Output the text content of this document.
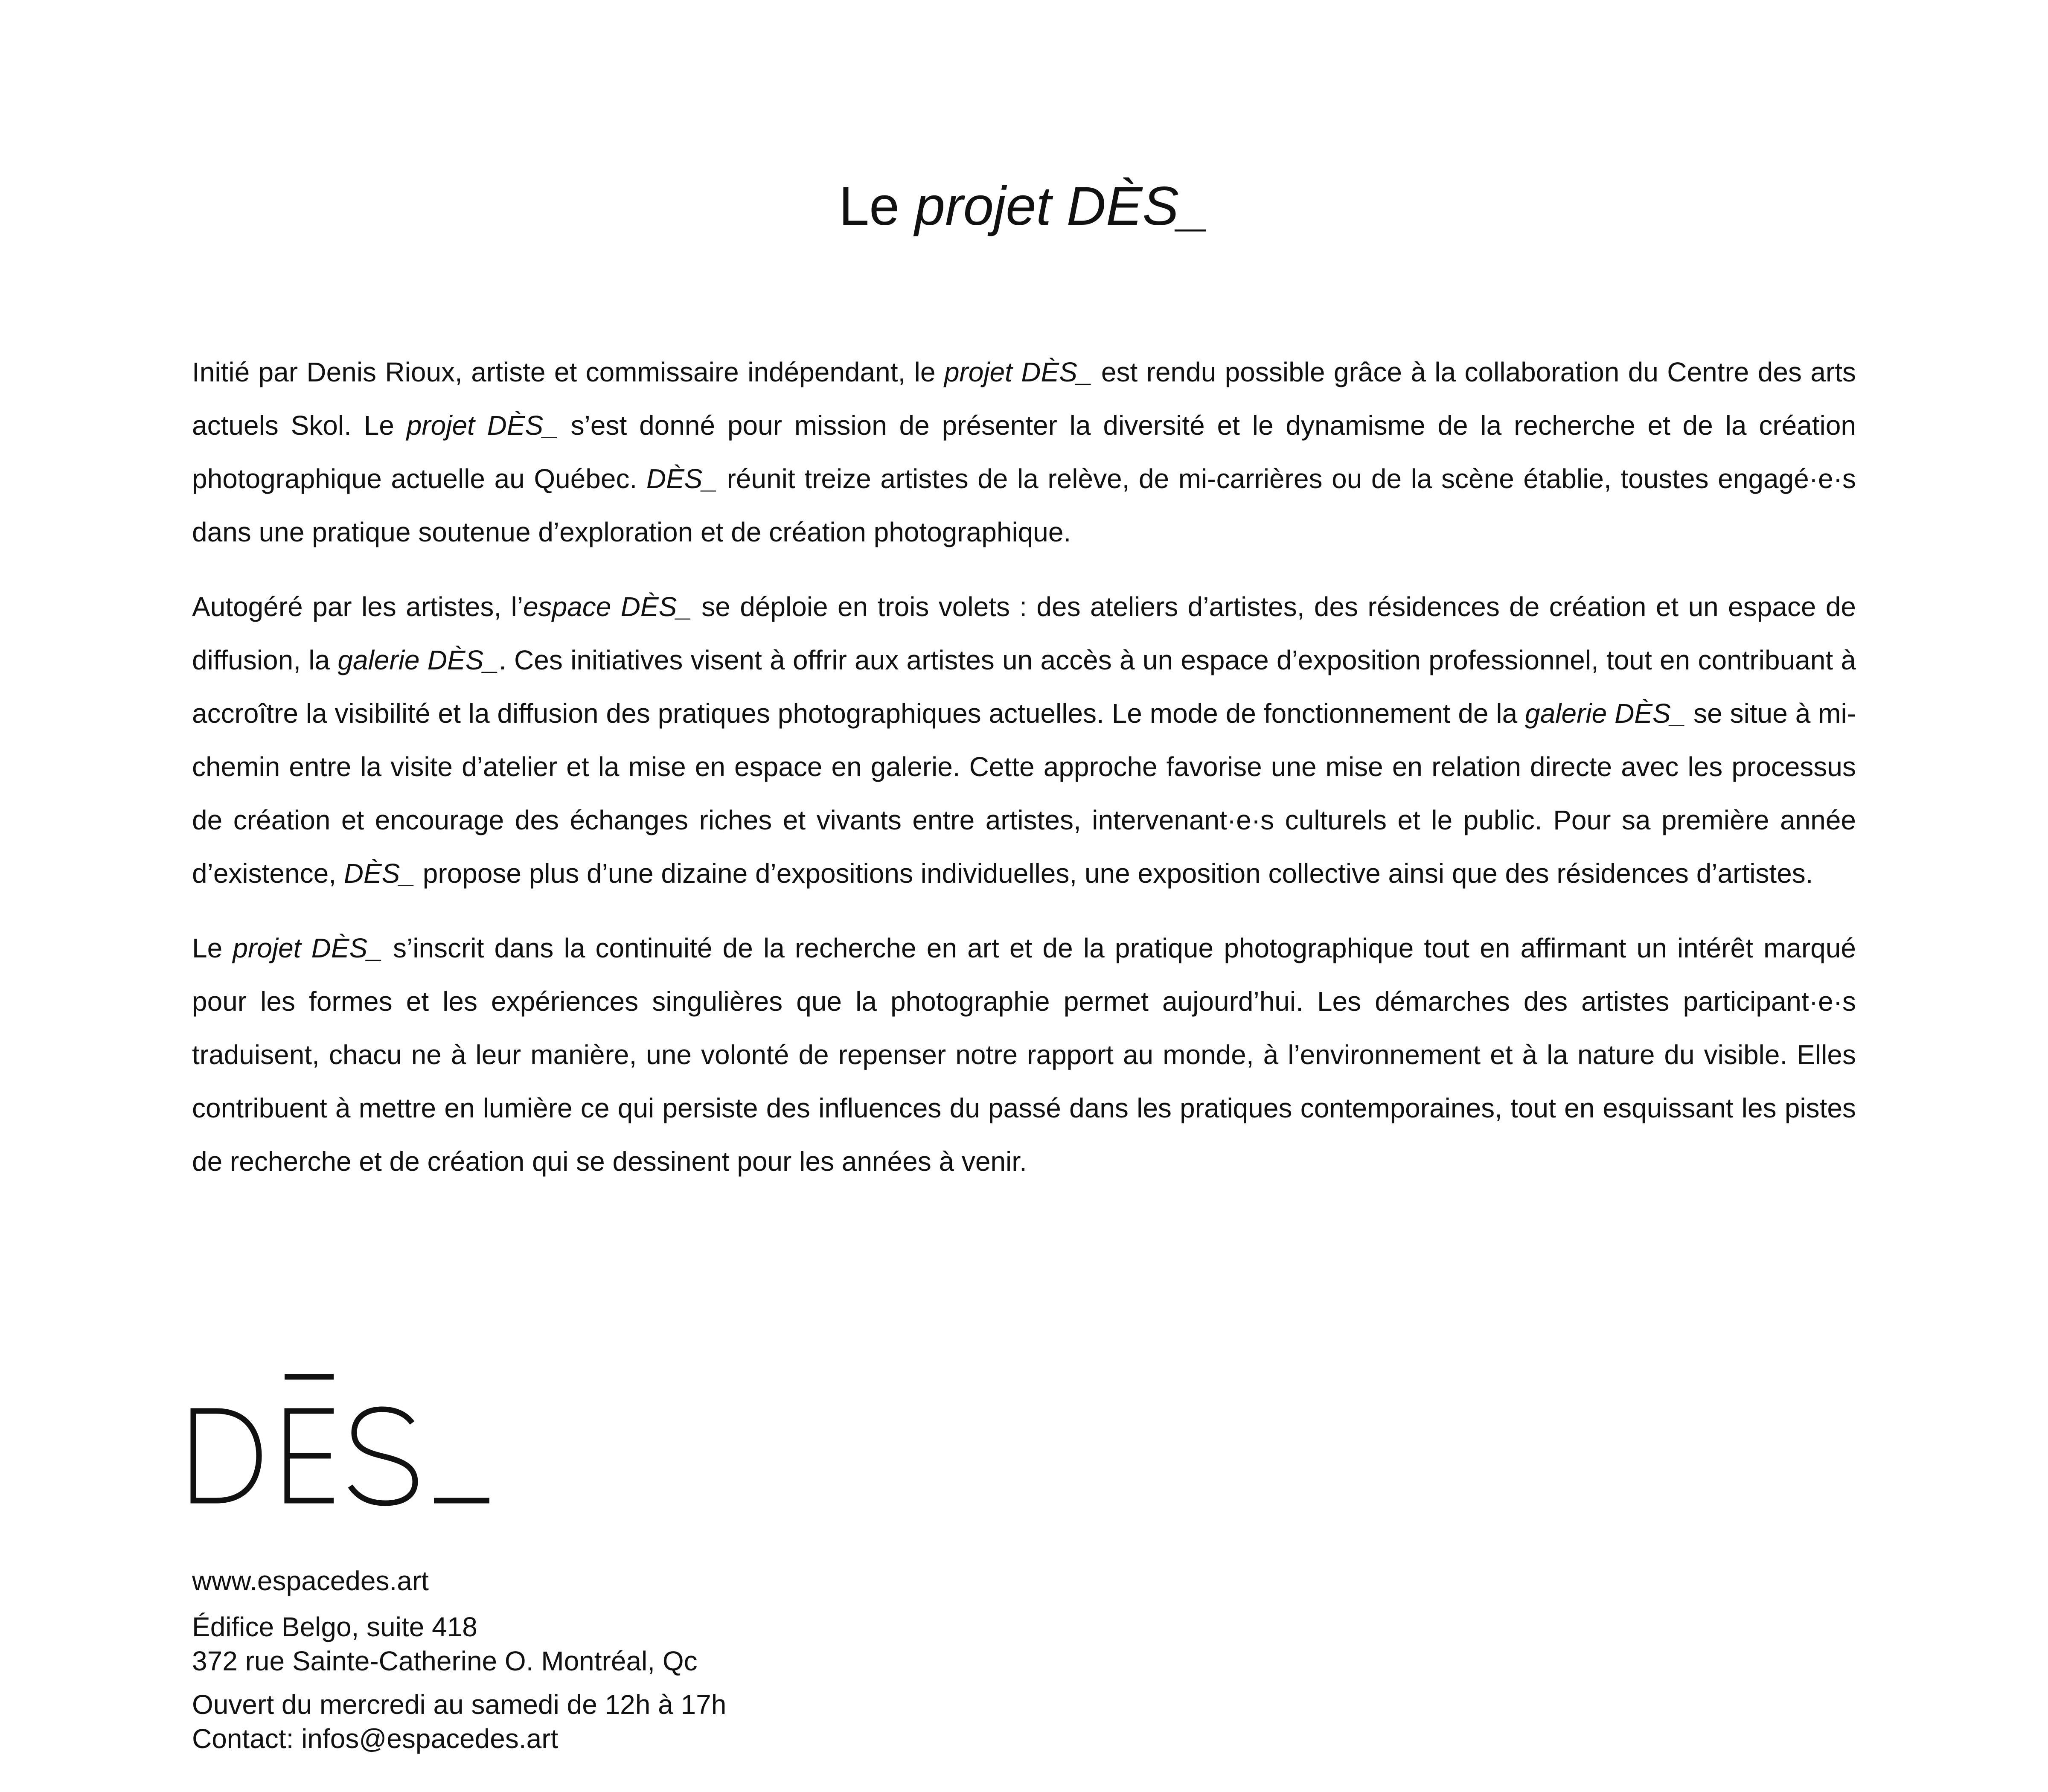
Le projet DÈS_

Initié par Denis Rioux, artiste et commissaire indépendant, le projet DÈS_ est rendu possible grâce à la collaboration du Centre des arts actuels Skol. Le projet DÈS_ s’est donné pour mission de présenter la diversité et le dynamisme de la recherche et de la création photographique actuelle au Québec. DÈS_ réunit treize artistes de la relève, de mi-carrières ou de la scène établie, toustes engagé·e·s dans une pratique soutenue d’exploration et de création photographique.

Autogéré par les artistes, l’espace DÈS_ se déploie en trois volets : des ateliers d’artistes, des résidences de création et un espace de diffusion, la galerie DÈS_. Ces initiatives visent à offrir aux artistes un accès à un espace d’exposition professionnel, tout en contribuant à accroître la visibilité et la diffusion des pratiques photographiques actuelles. Le mode de fonctionnement de la galerie DÈS_ se situe à mi-chemin entre la visite d’atelier et la mise en espace en galerie. Cette approche favorise une mise en relation directe avec les processus de création et encourage des échanges riches et vivants entre artistes, intervenant·e·s culturels et le public. Pour sa première année d’existence, DÈS_ propose plus d’une dizaine d’expositions individuelles, une exposition collective ainsi que des résidences d’artistes.

Le projet DÈS_ s’inscrit dans la continuité de la recherche en art et de la pratique photographique tout en affirmant un intérêt marqué pour les formes et les expériences singulières que la photographie permet aujourd’hui. Les démarches des artistes participant·e·s traduisent, chacu ne à leur manière, une volonté de repenser notre rapport au monde, à l’environnement et à la nature du visible. Elles contribuent à mettre en lumière ce qui persiste des influences du passé dans les pratiques contemporaines, tout en esquissant les pistes de recherche et de création qui se dessinent pour les années à venir.

www.espacedes.art
Édifice Belgo, suite 418
372 rue Sainte-Catherine O. Montréal, Qc
Ouvert du mercredi au samedi de 12h à 17h
Contact: infos@espacedes.art
